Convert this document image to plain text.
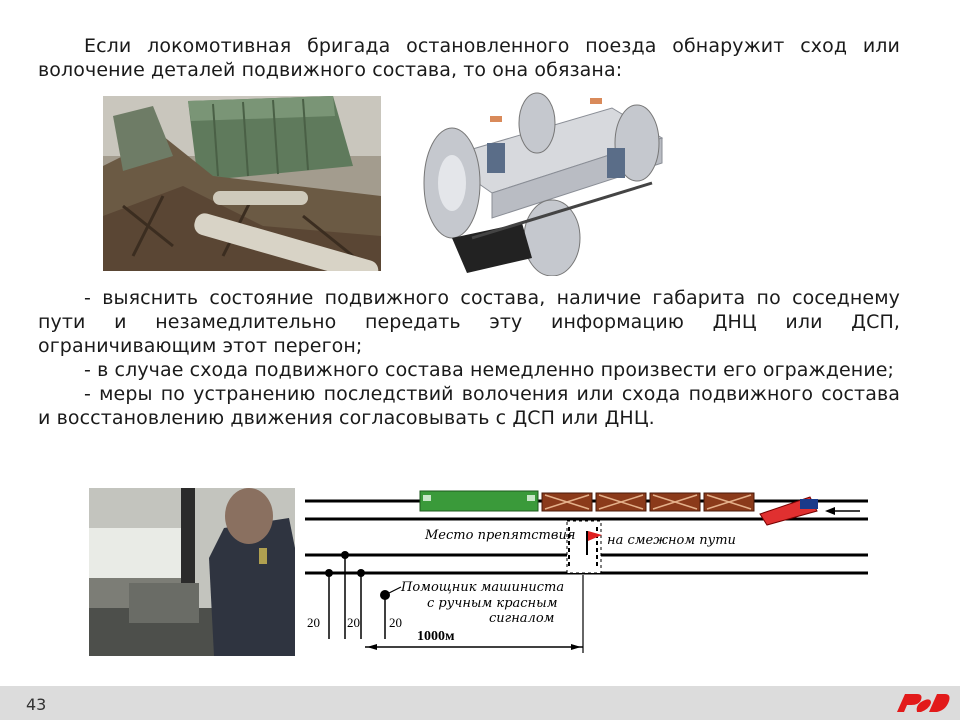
Если локомотивная бригада остановленного поезда обнаружит сход или волочение деталей подвижного состава, то она обязана:

- выяснить состояние подвижного состава, наличие габарита по соседнему пути и незамедлительно передать эту информацию ДНЦ или ДСП, ограничивающим этот перегон;

- в случае схода подвижного состава немедленно произвести его ограждение;

- меры по устранению последствий волочения или схода подвижного состава и восстановлению движения согласовывать с ДСП или ДНЦ.

Место препятствия на смежном пути
Помощник машиниста
с ручным красным
сигналом
20 20 20
1000м
43
